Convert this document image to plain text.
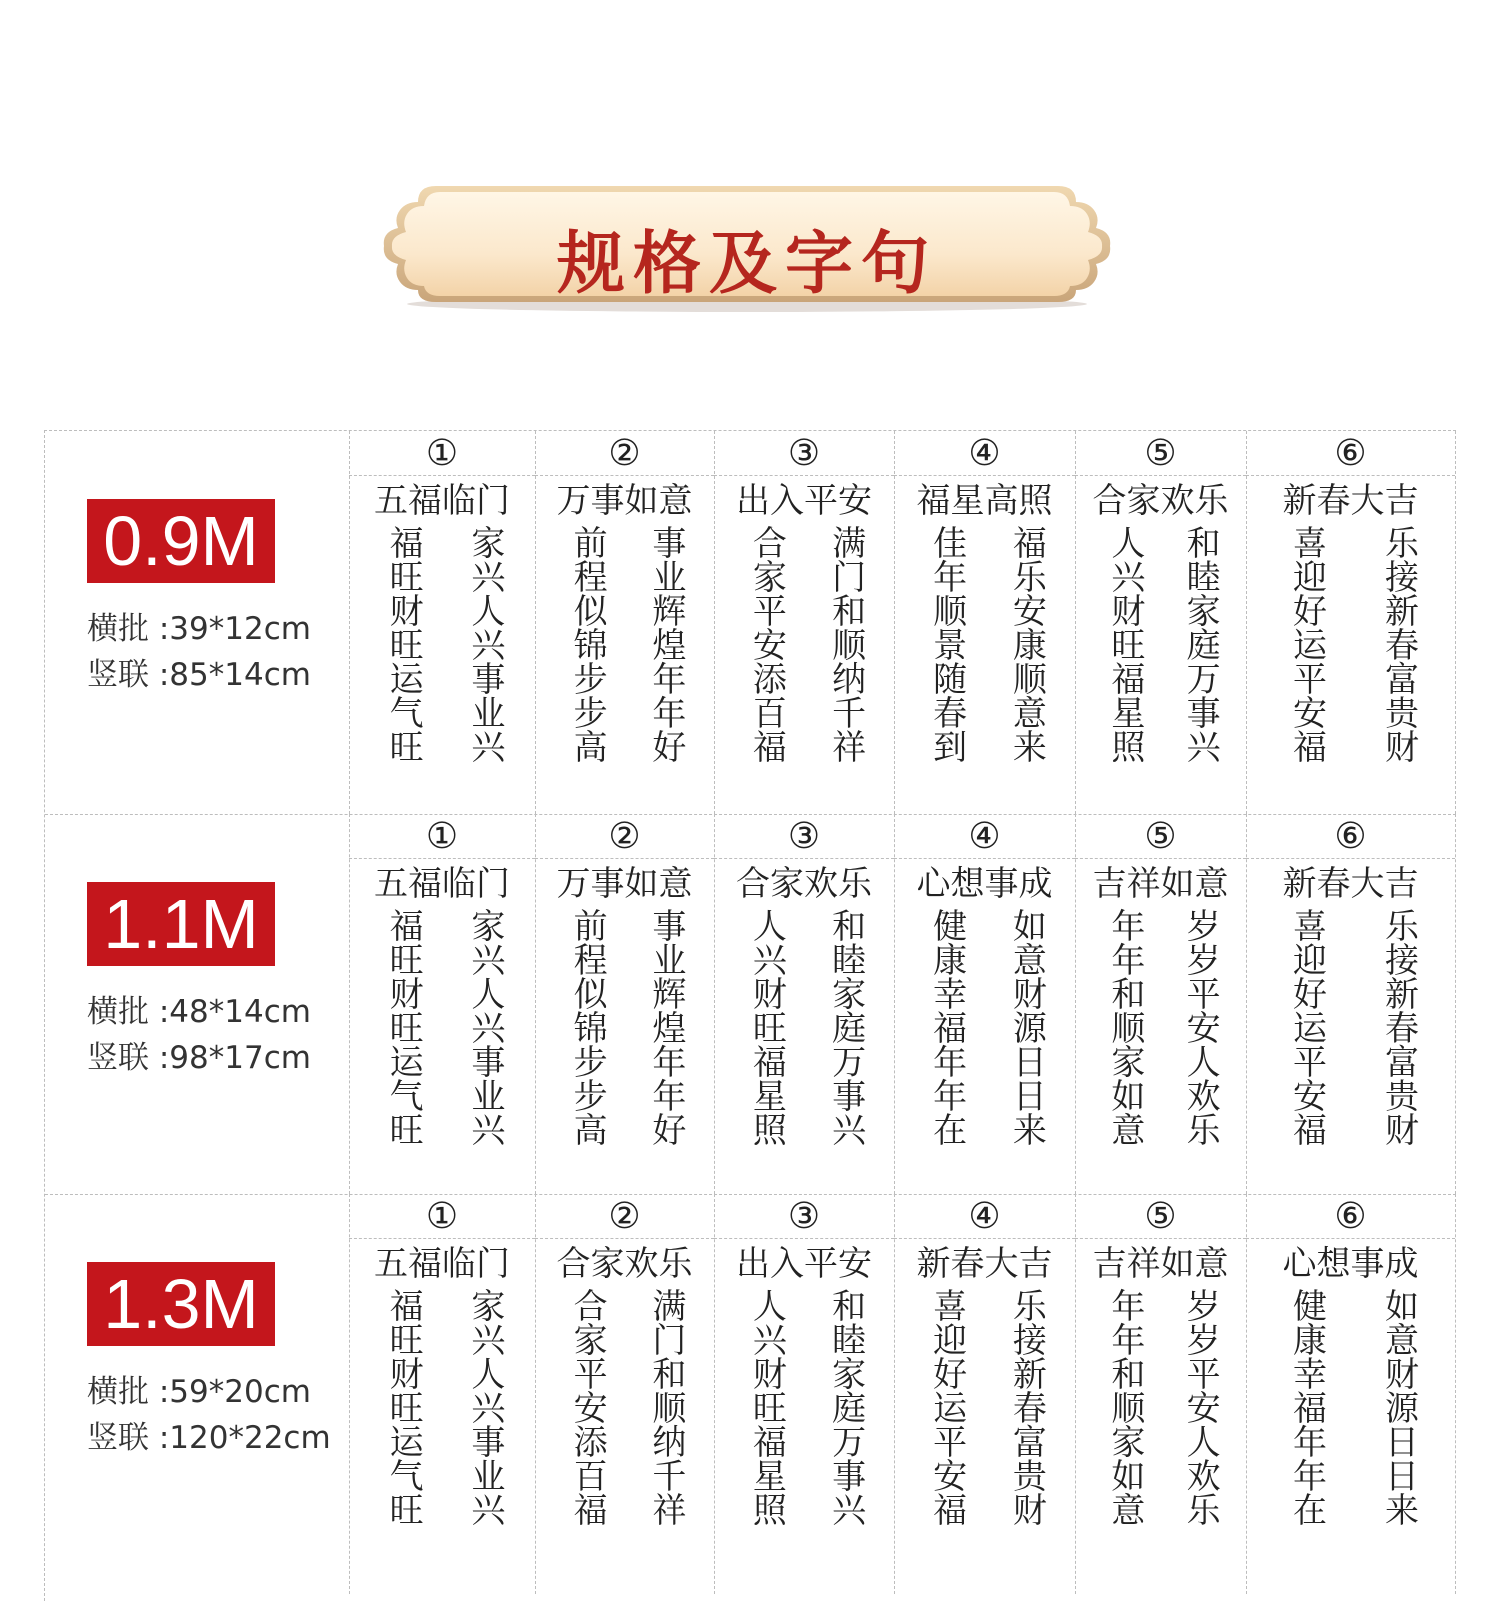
规格及字句
0.9M
横批 :39*12cm
竖联 :85*14cm
①
五福临门
福旺财旺运气旺 家兴人兴事业兴
②
万事如意
前程似锦步步高 事业辉煌年年好
③
出入平安
合家平安添百福 满门和顺纳千祥
④
福星高照
佳年顺景随春到 福乐安康顺意来
⑤
合家欢乐
人兴财旺福星照 和睦家庭万事兴
⑥
新春大吉
喜迎好运平安福 乐接新春富贵财
1.1M
横批 :48*14cm
竖联 :98*17cm
①
五福临门
福旺财旺运气旺 家兴人兴事业兴
②
万事如意
前程似锦步步高 事业辉煌年年好
③
合家欢乐
人兴财旺福星照 和睦家庭万事兴
④
心想事成
健康幸福年年在 如意财源日日来
⑤
吉祥如意
年年和顺家如意 岁岁平安人欢乐
⑥
新春大吉
喜迎好运平安福 乐接新春富贵财
1.3M
横批 :59*20cm
竖联 :120*22cm
①
五福临门
福旺财旺运气旺 家兴人兴事业兴
②
合家欢乐
合家平安添百福 满门和顺纳千祥
③
出入平安
人兴财旺福星照 和睦家庭万事兴
④
新春大吉
喜迎好运平安福 乐接新春富贵财
⑤
吉祥如意
年年和顺家如意 岁岁平安人欢乐
⑥
心想事成
健康幸福年年在 如意财源日日来
